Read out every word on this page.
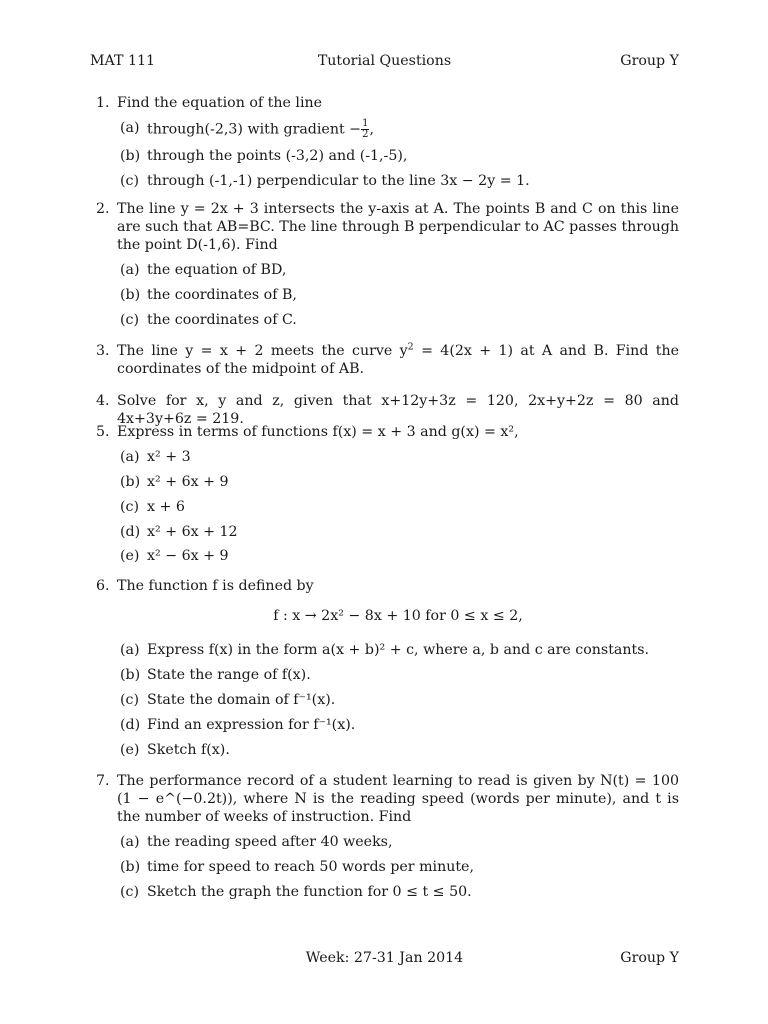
MAT 111	Tutorial Questions	Group Y
1. Find the equation of the line
(a) through(-2,3) with gradient − $\frac{1}{2}$ ,
(b) through the points (-3,2) and (-1,-5),
(c) through (-1,-1) perpendicular to the line 3x − 2y = 1.
2. The line y = 2x + 3 intersects the y-axis at A. The points B and C on this line are such that AB=BC. The line through B perpendicular to AC passes through the point D(-1,6). Find
(a) the equation of BD,
(b) the coordinates of B,
(c) the coordinates of C.
3. The line y = x + 2 meets the curve $y^2 = 4(2x + 1)$ at A and B. Find the coordinates of the midpoint of AB.
4. Solve for x, y and z, given that x+12y+3z = 120, 2x+y+2z = 80 and 4x+3y+6z = 219.
5. Express in terms of functions f(x) = x + 3 and g(x) = x²,
(a) x² + 3
(b) x² + 6x + 9
(c) x + 6
(d) x² + 6x + 12
(e) x² − 6x + 9
6. The function f is defined by
f : x → 2x² − 8x + 10 for 0 ≤ x ≤ 2,
(a) Express f(x) in the form a(x + b)² + c, where a, b and c are constants.
(b) State the range of f(x).
(c) State the domain of f⁻¹(x).
(d) Find an expression for f⁻¹(x).
(e) Sketch f(x).
7. The performance record of a student learning to read is given by N(t) = 100 (1 − e^(−0.2t)), where N is the reading speed (words per minute), and t is the number of weeks of instruction. Find
(a) the reading speed after 40 weeks,
(b) time for speed to reach 50 words per minute,
(c) Sketch the graph the function for 0 ≤ t ≤ 50.
Week: 27-31 Jan 2014	Group Y
